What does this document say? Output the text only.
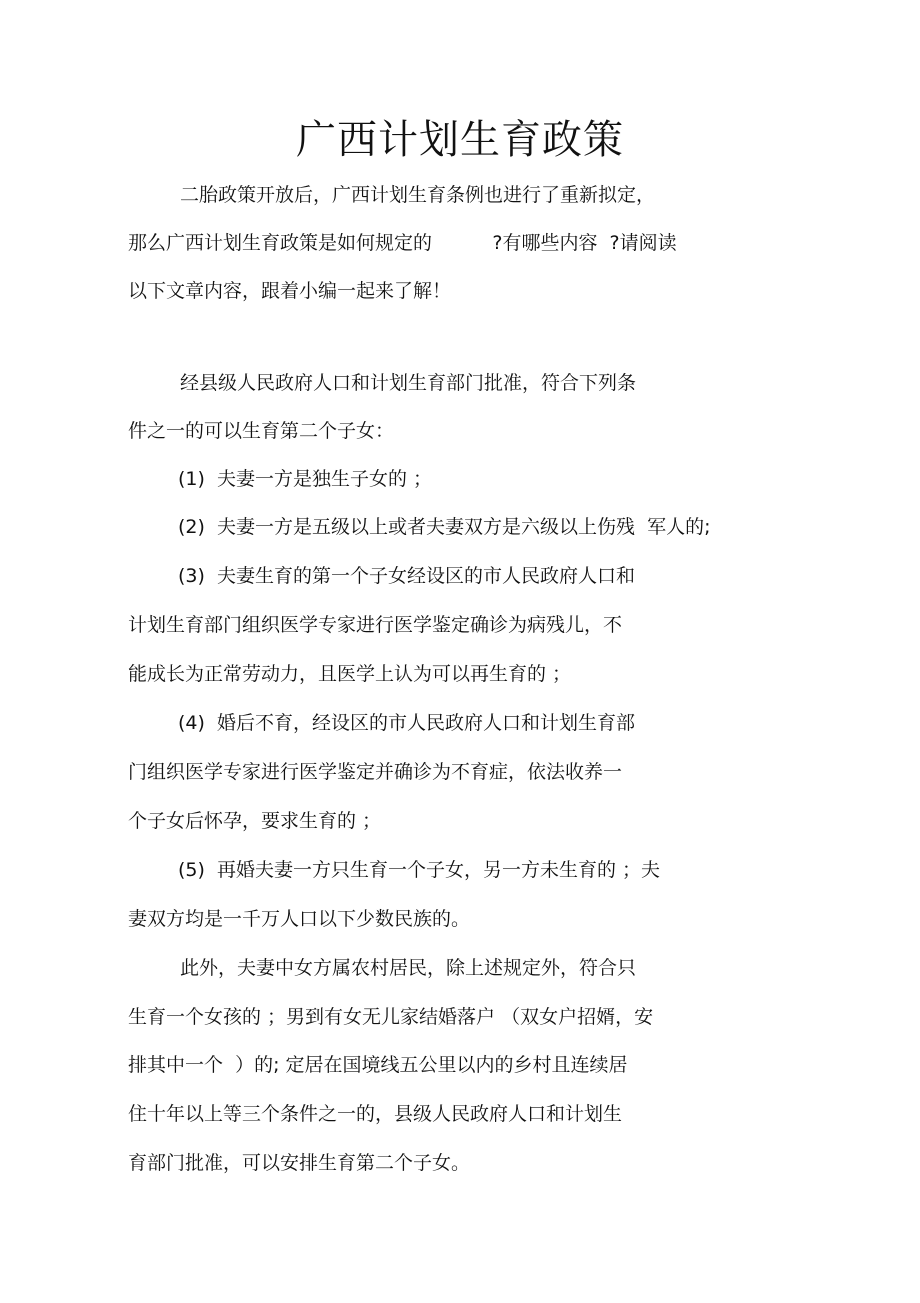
广西计划生育政策
二胎政策开放后，广西计划生育条例也进行了重新拟定，
那么广西计划生育政策是如何规定的          ?有哪些内容  ?请阅读
以下文章内容，跟着小编一起来了解！
经县级人民政府人口和计划生育部门批准，符合下列条
件之一的可以生育第二个子女：
(1)  夫妻一方是独生子女的 ；
(2)  夫妻一方是五级以上或者夫妻双方是六级以上伤残  军人的;
(3)  夫妻生育的第一个子女经设区的市人民政府人口和
计划生育部门组织医学专家进行医学鉴定确诊为病残儿，不
能成长为正常劳动力，且医学上认为可以再生育的 ；
(4)  婚后不育，经设区的市人民政府人口和计划生育部
门组织医学专家进行医学鉴定并确诊为不育症，依法收养一
个子女后怀孕，要求生育的 ；
(5)  再婚夫妻一方只生育一个子女，另一方未生育的 ；夫
妻双方均是一千万人口以下少数民族的。
此外，夫妻中女方属农村居民，除上述规定外，符合只
生育一个女孩的 ；男到有女无儿家结婚落户 （双女户招婿，安
排其中一个  ）的; 定居在国境线五公里以内的乡村且连续居
住十年以上等三个条件之一的，县级人民政府人口和计划生
育部门批准，可以安排生育第二个子女。
